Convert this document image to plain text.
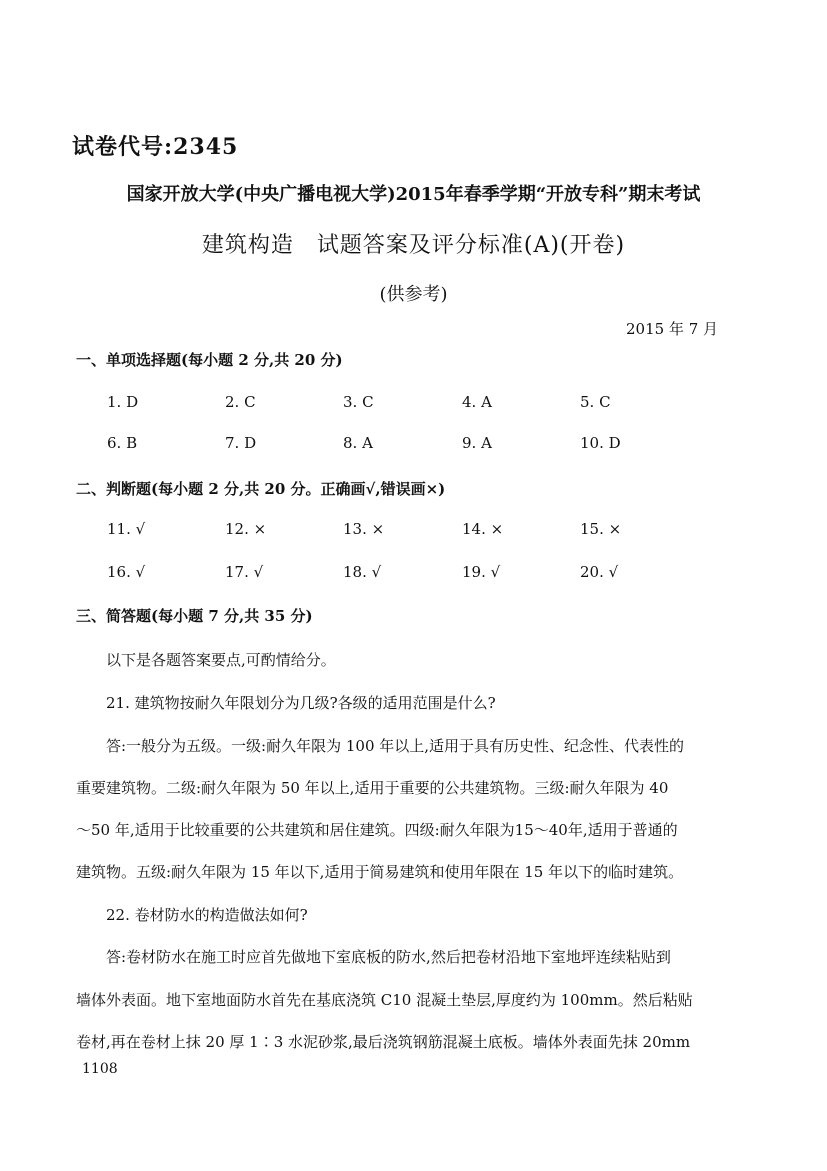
试卷代号:2345
国家开放大学(中央广播电视大学)2015年春季学期“开放专科”期末考试
建筑构造　试题答案及评分标准(A)(开卷)
(供参考)
2015 年 7 月
一、单项选择题(每小题 2 分,共 20 分)
1. D	2. C	3. C	4. A	5. C
6. B	7. D	8. A	9. A	10. D
二、判断题(每小题 2 分,共 20 分。正确画√,错误画×)
11. √	12. ×	13. ×	14. ×	15. ×
16. √	17. √	18. √	19. √	20. √
三、简答题(每小题 7 分,共 35 分)
以下是各题答案要点,可酌情给分。
21. 建筑物按耐久年限划分为几级?各级的适用范围是什么?
答:一般分为五级。一级:耐久年限为 100 年以上,适用于具有历史性、纪念性、代表性的
重要建筑物。二级:耐久年限为 50 年以上,适用于重要的公共建筑物。三级:耐久年限为 40
～50 年,适用于比较重要的公共建筑和居住建筑。四级:耐久年限为15～40年,适用于普通的
建筑物。五级:耐久年限为 15 年以下,适用于简易建筑和使用年限在 15 年以下的临时建筑。
22. 卷材防水的构造做法如何?
答:卷材防水在施工时应首先做地下室底板的防水,然后把卷材沿地下室地坪连续粘贴到
墙体外表面。地下室地面防水首先在基底浇筑 C10 混凝土垫层,厚度约为 100mm。然后粘贴
卷材,再在卷材上抹 20 厚 1∶3 水泥砂浆,最后浇筑钢筋混凝土底板。墙体外表面先抹 20mm
1108
